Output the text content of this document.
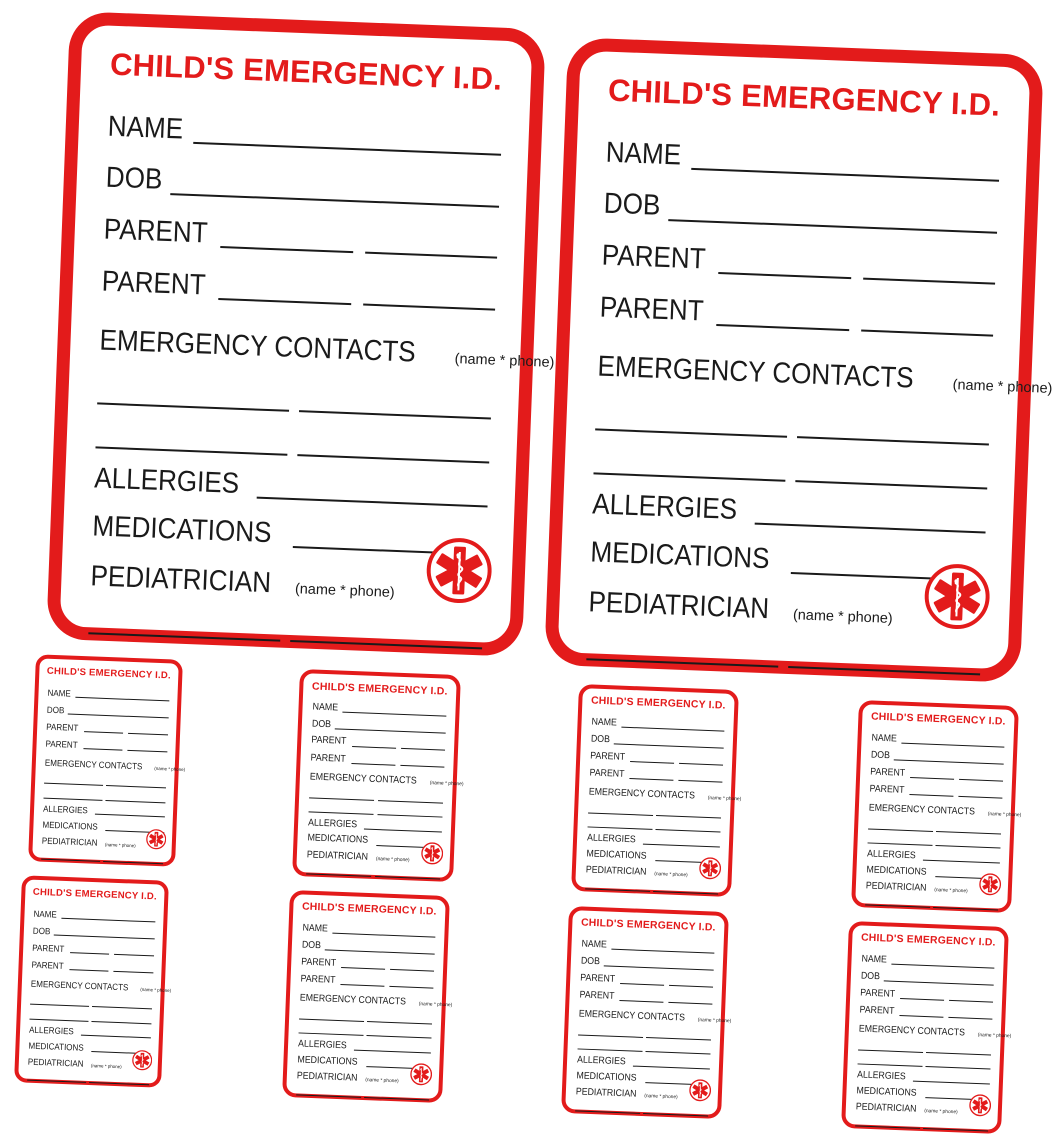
CHILD'S EMERGENCY I.D.
NAME
DOB
PARENT
PARENT
EMERGENCY CONTACTS	(name * phone)
ALLERGIES
MEDICATIONS
PEDIATRICIAN (name * phone)
CHILD'S EMERGENCY I.D.
NAME
DOB
PARENT
PARENT
EMERGENCY CONTACTS	(name * phone)
ALLERGIES
MEDICATIONS
PEDIATRICIAN (name * phone)
CHILD'S EMERGENCY I.D.
NAME
DOB
PARENT
PARENT
EMERGENCY CONTACTS	(name * phone)
ALLERGIES
MEDICATIONS
PEDIATRICIAN (name * phone)
CHILD'S EMERGENCY I.D.
NAME
DOB
PARENT
PARENT
EMERGENCY CONTACTS	(name * phone)
ALLERGIES
MEDICATIONS
PEDIATRICIAN (name * phone)
CHILD'S EMERGENCY I.D.
NAME
DOB
PARENT
PARENT
EMERGENCY CONTACTS	(name * phone)
ALLERGIES
MEDICATIONS
PEDIATRICIAN (name * phone)
CHILD'S EMERGENCY I.D.
NAME
DOB
PARENT
PARENT
EMERGENCY CONTACTS	(name * phone)
ALLERGIES
MEDICATIONS
PEDIATRICIAN (name * phone)
CHILD'S EMERGENCY I.D.
NAME
DOB
PARENT
PARENT
EMERGENCY CONTACTS	(name * phone)
ALLERGIES
MEDICATIONS
PEDIATRICIAN (name * phone)
CHILD'S EMERGENCY I.D.
NAME
DOB
PARENT
PARENT
EMERGENCY CONTACTS	(name * phone)
ALLERGIES
MEDICATIONS
PEDIATRICIAN (name * phone)
CHILD'S EMERGENCY I.D.
NAME
DOB
PARENT
PARENT
EMERGENCY CONTACTS	(name * phone)
ALLERGIES
MEDICATIONS
PEDIATRICIAN (name * phone)
CHILD'S EMERGENCY I.D.
NAME
DOB
PARENT
PARENT
EMERGENCY CONTACTS	(name * phone)
ALLERGIES
MEDICATIONS
PEDIATRICIAN (name * phone)
